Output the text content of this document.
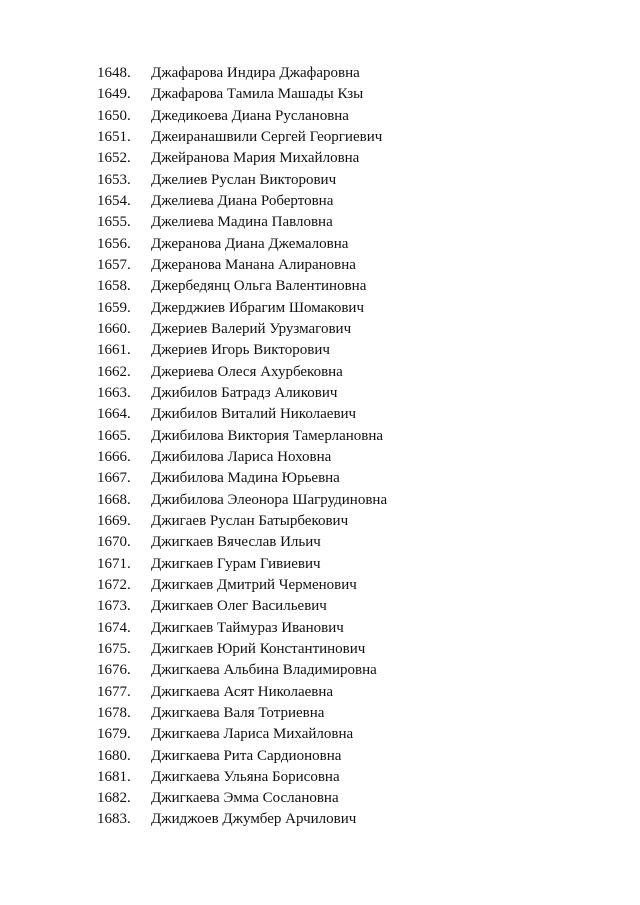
1648. Джафарова Индира Джафаровна
1649. Джафарова Тамила Машады Кзы
1650. Джедикоева Диана Руслановна
1651. Джеиранашвили Сергей Георгиевич
1652. Джейранова Мария Михайловна
1653. Джелиев Руслан Викторович
1654. Джелиева Диана Робертовна
1655. Джелиева Мадина Павловна
1656. Джеранова Диана Джемаловна
1657. Джеранова Манана Алирановна
1658. Джербедянц Ольга Валентиновна
1659. Джерджиев Ибрагим Шомакович
1660. Джериев Валерий Урузмагович
1661. Джериев Игорь Викторович
1662. Джериева Олеся Ахурбековна
1663. Джибилов Батрадз Аликович
1664. Джибилов Виталий Николаевич
1665. Джибилова Виктория Тамерлановна
1666. Джибилова Лариса Ноховна
1667. Джибилова Мадина Юрьевна
1668. Джибилова Элеонора Шагрудиновна
1669. Джигаев Руслан Батырбекович
1670. Джигкаев Вячеслав Ильич
1671. Джигкаев Гурам Гивиевич
1672. Джигкаев Дмитрий Черменович
1673. Джигкаев Олег Васильевич
1674. Джигкаев Таймураз Иванович
1675. Джигкаев Юрий Константинович
1676. Джигкаева Альбина Владимировна
1677. Джигкаева Асят Николаевна
1678. Джигкаева Валя Тотриевна
1679. Джигкаева Лариса Михайловна
1680. Джигкаева Рита Сардионовна
1681. Джигкаева Ульяна Борисовна
1682. Джигкаева Эмма Сослановна
1683. Джиджоев Джумбер Арчилович
